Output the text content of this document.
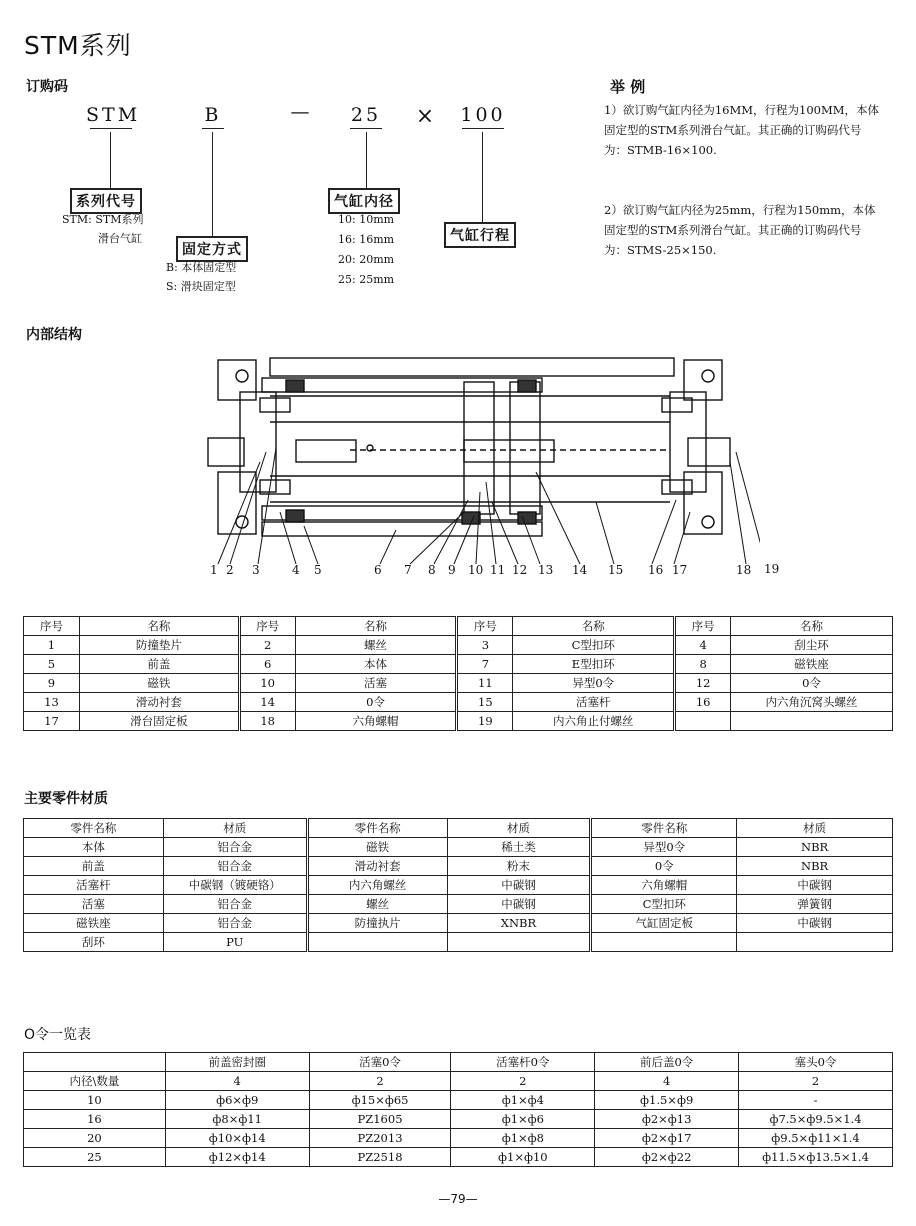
STM系列
订购码
STM	B	—	25 ×	100
系列代号
STM: STM系列
滑台气缸
固定方式
B: 本体固定型
S: 滑块固定型
气缸内径
10: 10mm
16: 16mm
20: 20mm
25: 25mm
气缸行程
举 例
1）欲订购气缸内径为16MM，行程为100MM，本体固定型的STM系列滑台气缸。其正确的订购码代号为：STMB-16×100.
2）欲订购气缸内径为25mm，行程为150mm，本体固定型的STM系列滑台气缸。其正确的订购码代号为：STMS-25×150.
内部结构
1 2 3	4 5	6 7 8 9 10 11 12 13 14 15 16 17	18 19
序号	名称	序号	名称	序号	名称	序号	名称
1	防撞垫片	2	螺丝	3	C型扣环	4	刮尘环
5	前盖	6	本体	7	E型扣环	8	磁铁座
9	磁铁	10	活塞	11	异型0令	12	0令
13	滑动衬套	14	0令	15	活塞杆	16	内六角沉窝头螺丝
17	滑台固定板	18	六角螺帽	19	内六角止付螺丝		
主要零件材质
零件名称	材质	零件名称	材质	零件名称	材质
本体	铝合金	磁铁	稀土类	异型0令	NBR
前盖	铝合金	滑动衬套	粉末	0令	NBR
活塞杆	中碳钢（镀硬铬）	内六角螺丝	中碳钢	六角螺帽	中碳钢
活塞	铝合金	螺丝	中碳钢	C型扣环	弹簧钢
磁铁座	铝合金	防撞执片	XNBR	气缸固定板	中碳钢
刮环	PU				
O令一览表
	前盖密封圈	活塞0令	活塞杆0令	前后盖0令	塞头0令
内径\数量	4	2	2	4	2
10	ф6×ф9	ф15×ф65	ф1×ф4	ф1.5×ф9	-
16	ф8×ф11	PZ1605	ф1×ф6	ф2×ф13	ф7.5×ф9.5×1.4
20	ф10×ф14	PZ2013	ф1×ф8	ф2×ф17	ф9.5×ф11×1.4
25	ф12×ф14	PZ2518	ф1×ф10	ф2×ф22	ф11.5×ф13.5×1.4
—79—
